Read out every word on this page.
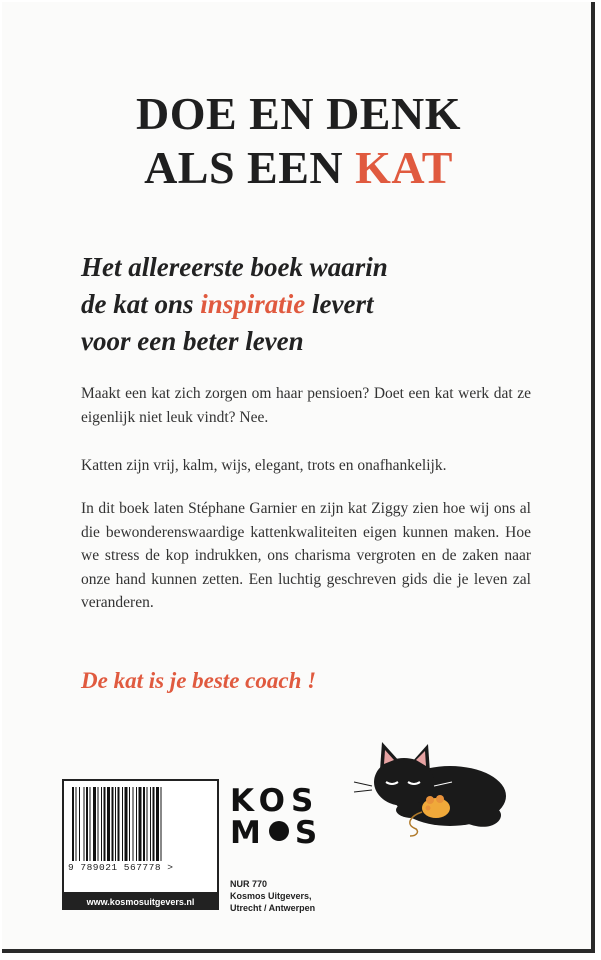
DOE EN DENK
ALS EEN KAT
Het allereerste boek waarin
de kat ons inspiratie levert
voor een beter leven

Maakt een kat zich zorgen om haar pensioen? Doet een kat werk dat ze eigenlijk niet leuk vindt? Nee.

Katten zijn vrij, kalm, wijs, elegant, trots en onafhankelijk.

In dit boek laten Stéphane Garnier en zijn kat Ziggy zien hoe wij ons al die bewonderenswaardige kattenkwaliteiten eigen kunnen maken. Hoe we stress de kop indrukken, ons charisma vergroten en de zaken naar onze hand kunnen zetten. Een luchtig geschreven gids die je leven zal veranderen.

De kat is je beste coach !

9 789021 567778 >
www.kosmosuitgevers.nl
KOS
M S
NUR 770
Kosmos Uitgevers,
Utrecht / Antwerpen
